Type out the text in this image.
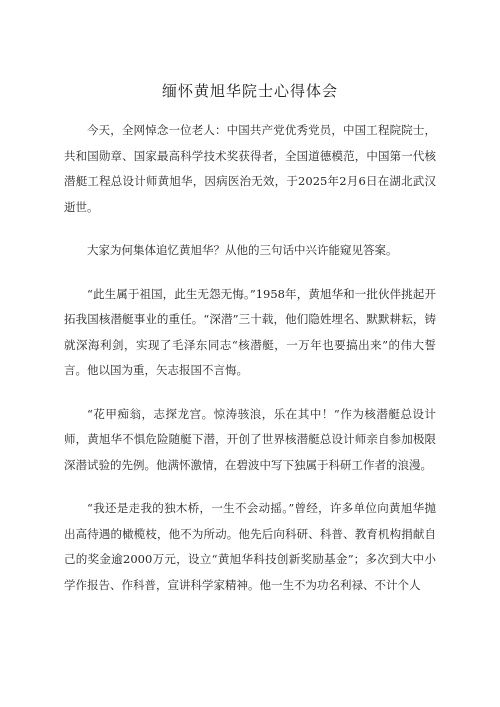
缅怀黄旭华院士心得体会

今天，全网悼念一位老人：中国共产党优秀党员，中国工程院院士，共和国勋章、国家最高科学技术奖获得者，全国道德模范，中国第一代核潜艇工程总设计师黄旭华，因病医治无效，于2025年2月6日在湖北武汉逝世。

大家为何集体追忆黄旭华？从他的三句话中兴许能窥见答案。

“此生属于祖国，此生无怨无悔。”1958年，黄旭华和一批伙伴挑起开拓我国核潜艇事业的重任。“深潜”三十载，他们隐姓埋名、默默耕耘，铸就深海利剑，实现了毛泽东同志“核潜艇，一万年也要搞出来”的伟大誓言。他以国为重，矢志报国不言悔。

“花甲痴翁，志探龙宫。惊涛骇浪，乐在其中！”作为核潜艇总设计师，黄旭华不惧危险随艇下潜，开创了世界核潜艇总设计师亲自参加极限深潜试验的先例。他满怀激情，在碧波中写下独属于科研工作者的浪漫。

“我还是走我的独木桥，一生不会动摇。”曾经，许多单位向黄旭华抛出高待遇的橄榄枝，他不为所动。他先后向科研、科普、教育机构捐献自己的奖金逾2000万元，设立“黄旭华科技创新奖励基金”；多次到大中小学作报告、作科普，宣讲科学家精神。他一生不为功名利禄、不计个人
